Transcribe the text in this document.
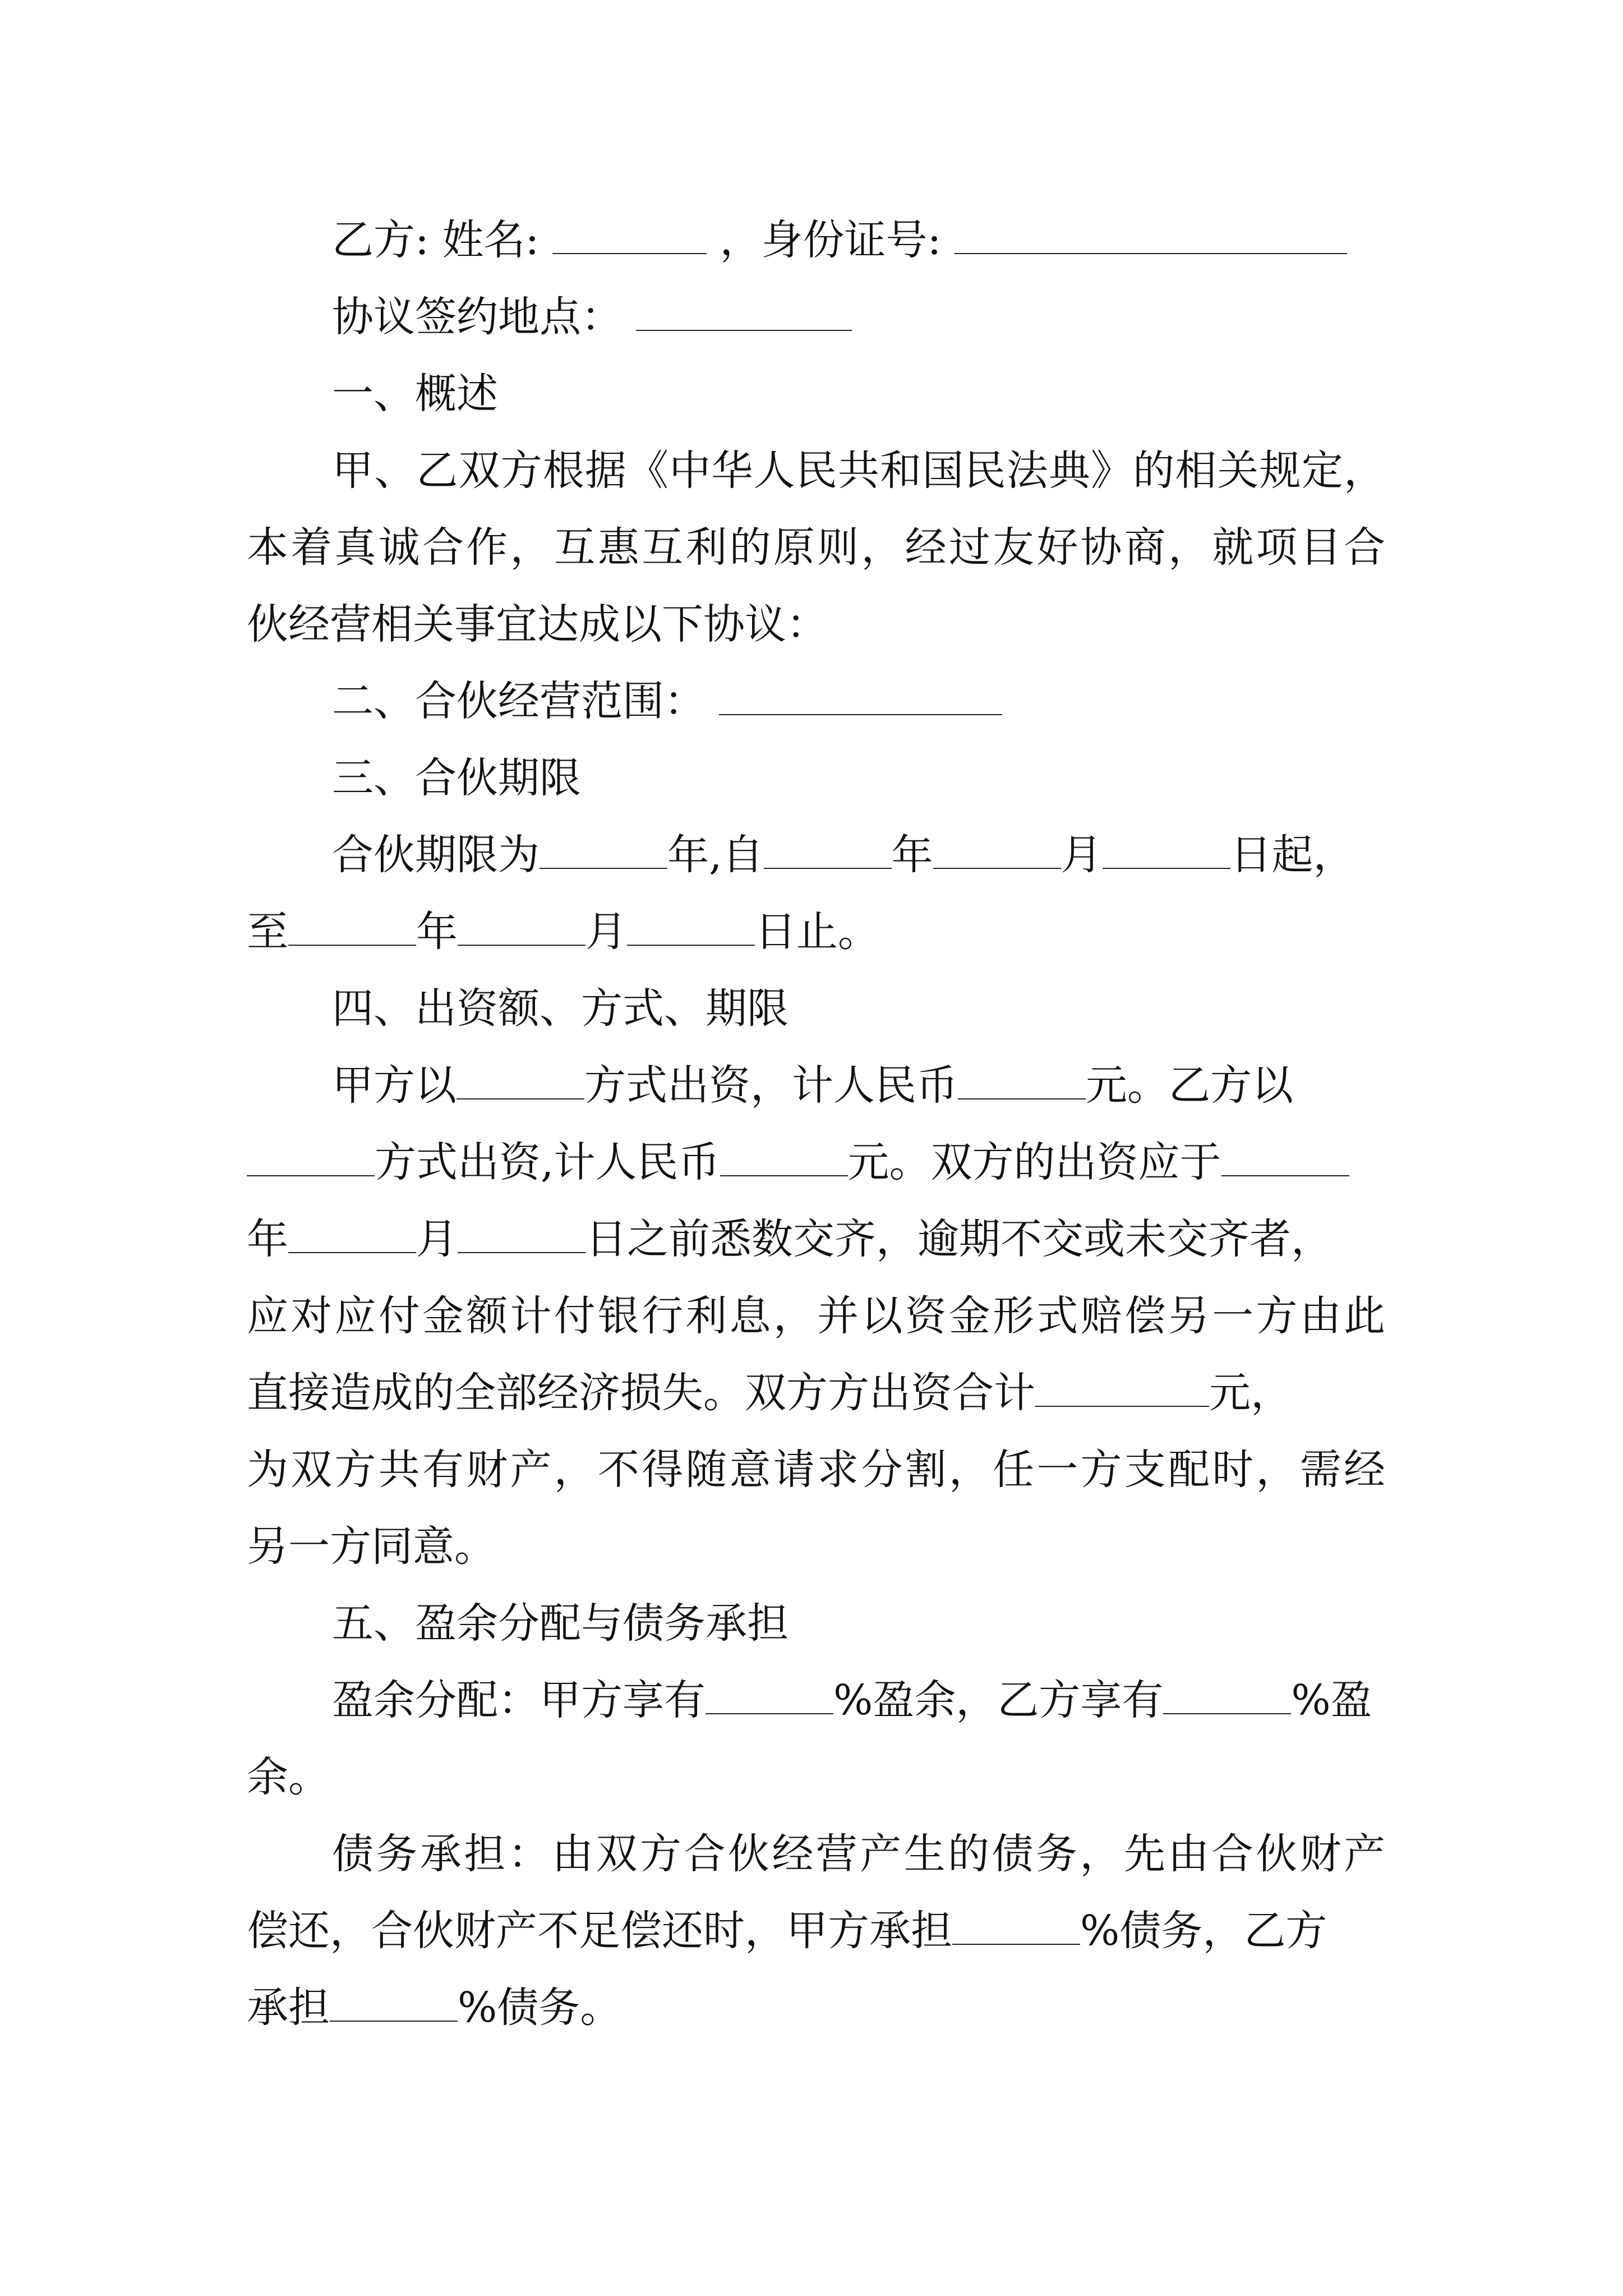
乙方: 姓名:	，身份证号:
协议签约地点：
一、概述
甲、乙双方根据《中华人民共和国民法典》的相关规定，
本着真诚合作，互惠互利的原则，经过友好协商，就项目合
伙经营相关事宜达成以下协议：
二、合伙经营范围：
三、合伙期限
合伙期限为	年,自	年	月	日起，
至	年	月	日止。
四、出资额、方式、期限
甲方以	方式出资，计人民币	元。乙方以
方式出资,计人民币	元。双方的出资应于
年	月	日之前悉数交齐，逾期不交或未交齐者，
应对应付金额计付银行利息，并以资金形式赔偿另一方由此
直接造成的全部经济损失。双方方出资合计	元，
为双方共有财产，不得随意请求分割，任一方支配时，需经
另一方同意。
五、盈余分配与债务承担
盈余分配：甲方享有	%盈余，乙方享有	%盈
余。
债务承担：由双方合伙经营产生的债务，先由合伙财产
偿还，合伙财产不足偿还时，甲方承担	%债务，乙方
承担	%债务。
